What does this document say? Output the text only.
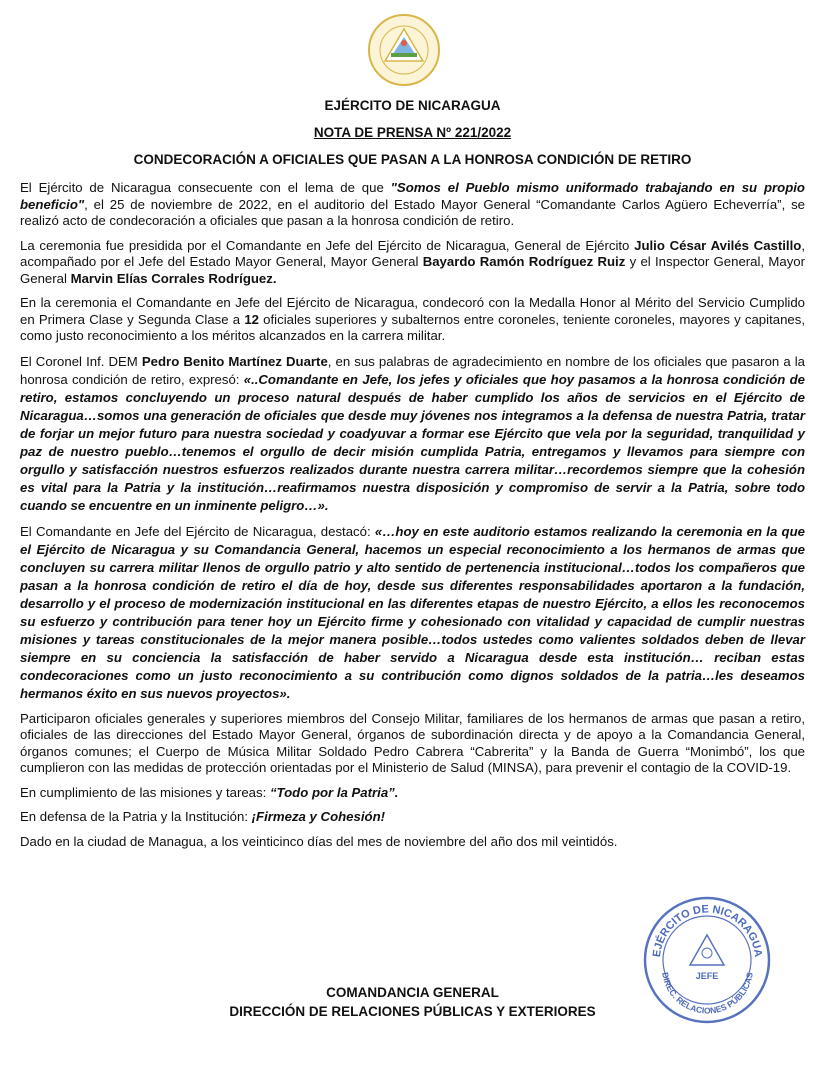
EJÉRCITO DE NICARAGUA
NOTA DE PRENSA Nº 221/2022
CONDECORACIÓN A OFICIALES QUE PASAN A LA HONROSA CONDICIÓN DE RETIRO

El Ejército de Nicaragua consecuente con el lema de que "Somos el Pueblo mismo uniformado trabajando en su propio beneficio", el 25 de noviembre de 2022, en el auditorio del Estado Mayor General “Comandante Carlos Agüero Echeverría”, se realizó acto de condecoración a oficiales que pasan a la honrosa condición de retiro.

La ceremonia fue presidida por el Comandante en Jefe del Ejército de Nicaragua, General de Ejército Julio César Avilés Castillo, acompañado por el Jefe del Estado Mayor General, Mayor General Bayardo Ramón Rodríguez Ruiz y el Inspector General, Mayor General Marvin Elías Corrales Rodríguez.

En la ceremonia el Comandante en Jefe del Ejército de Nicaragua, condecoró con la Medalla Honor al Mérito del Servicio Cumplido en Primera Clase y Segunda Clase a 12 oficiales superiores y subalternos entre coroneles, teniente coroneles, mayores y capitanes, como justo reconocimiento a los méritos alcanzados en la carrera militar.

El Coronel Inf. DEM Pedro Benito Martínez Duarte, en sus palabras de agradecimiento en nombre de los oficiales que pasaron a la honrosa condición de retiro, expresó: «..Comandante en Jefe, los jefes y oficiales que hoy pasamos a la honrosa condición de retiro, estamos concluyendo un proceso natural después de haber cumplido los años de servicios en el Ejército de Nicaragua…somos una generación de oficiales que desde muy jóvenes nos integramos a la defensa de nuestra Patria, tratar de forjar un mejor futuro para nuestra sociedad y coadyuvar a formar ese Ejército que vela por la seguridad, tranquilidad y paz de nuestro pueblo…tenemos el orgullo de decir misión cumplida Patria, entregamos y llevamos para siempre con orgullo y satisfacción nuestros esfuerzos realizados durante nuestra carrera militar…recordemos siempre que la cohesión es vital para la Patria y la institución…reafirmamos nuestra disposición y compromiso de servir a la Patria, sobre todo cuando se encuentre en un inminente peligro…».

El Comandante en Jefe del Ejército de Nicaragua, destacó: «…hoy en este auditorio estamos realizando la ceremonia en la que el Ejército de Nicaragua y su Comandancia General, hacemos un especial reconocimiento a los hermanos de armas que concluyen su carrera militar llenos de orgullo patrio y alto sentido de pertenencia institucional…todos los compañeros que pasan a la honrosa condición de retiro el día de hoy, desde sus diferentes responsabilidades aportaron a la fundación, desarrollo y el proceso de modernización institucional en las diferentes etapas de nuestro Ejército, a ellos les reconocemos su esfuerzo y contribución para tener hoy un Ejército firme y cohesionado con vitalidad y capacidad de cumplir nuestras misiones y tareas constitucionales de la mejor manera posible…todos ustedes como valientes soldados deben de llevar siempre en su conciencia la satisfacción de haber servido a Nicaragua desde esta institución… reciban estas condecoraciones como un justo reconocimiento a su contribución como dignos soldados de la patria…les deseamos hermanos éxito en sus nuevos proyectos».

Participaron oficiales generales y superiores miembros del Consejo Militar, familiares de los hermanos de armas que pasan a retiro, oficiales de las direcciones del Estado Mayor General, órganos de subordinación directa y de apoyo a la Comandancia General, órganos comunes; el Cuerpo de Música Militar Soldado Pedro Cabrera “Cabrerita” y la Banda de Guerra “Monimbó”, los que cumplieron con las medidas de protección orientadas por el Ministerio de Salud (MINSA), para prevenir el contagio de la COVID-19.

En cumplimiento de las misiones y tareas: “Todo por la Patria”.

En defensa de la Patria y la Institución: ¡Firmeza y Cohesión!

Dado en la ciudad de Managua, a los veinticinco días del mes de noviembre del año dos mil veintidós.

EJÉRCITO DE NICARAGUA
DIREC. RELACIONES PÚBLICAS
JEFE
COMANDANCIA GENERAL
DIRECCIÓN DE RELACIONES PÚBLICAS Y EXTERIORES
